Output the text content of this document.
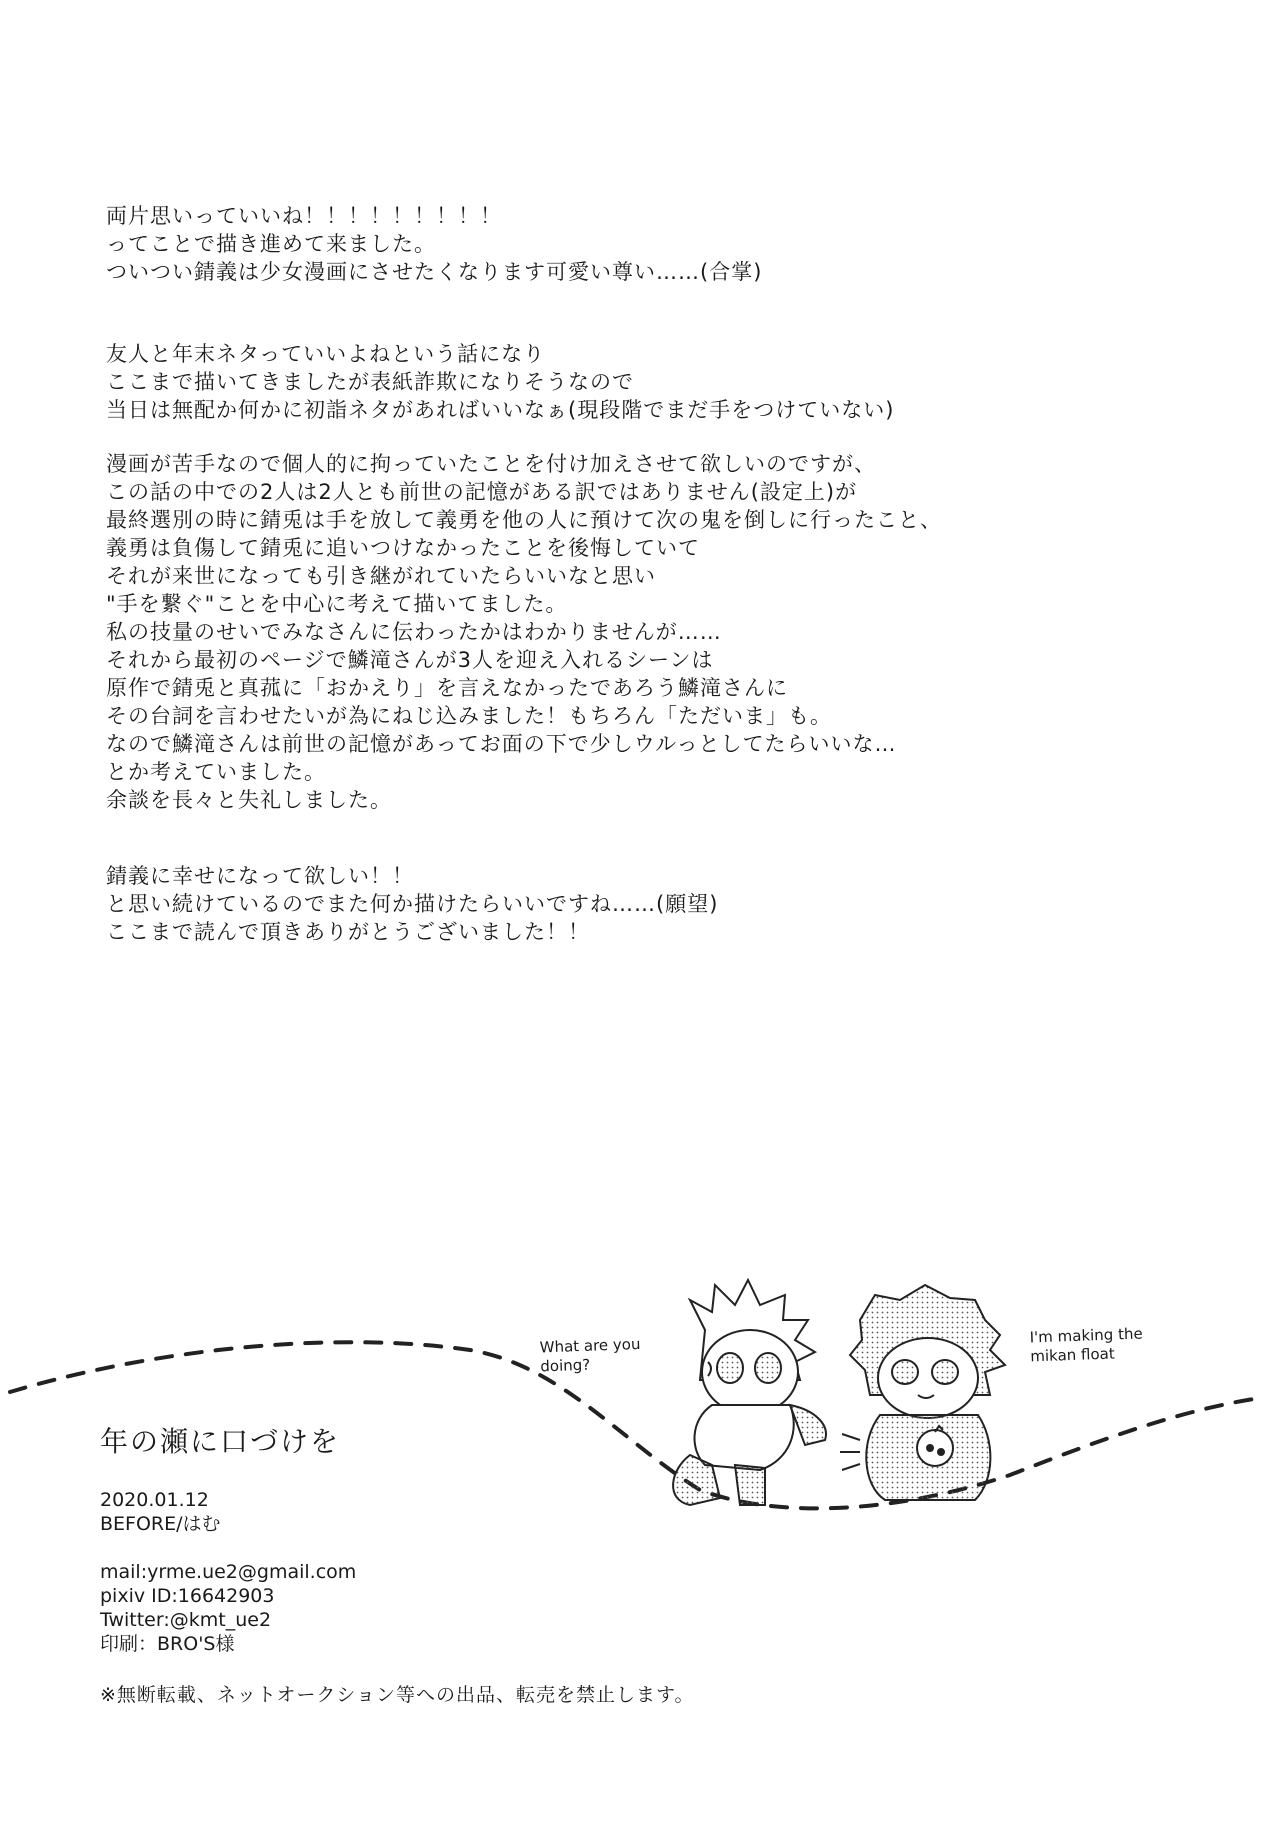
両片思いっていいね！！！！！！！！！
ってことで描き進めて来ました。
ついつい錆義は少女漫画にさせたくなります可愛い尊い……(合掌)
友人と年末ネタっていいよねという話になり
ここまで描いてきましたが表紙詐欺になりそうなので
当日は無配か何かに初詣ネタがあればいいなぁ(現段階でまだ手をつけていない)
漫画が苦手なので個人的に拘っていたことを付け加えさせて欲しいのですが、
この話の中での2人は2人とも前世の記憶がある訳ではありません(設定上)が
最終選別の時に錆兎は手を放して義勇を他の人に預けて次の鬼を倒しに行ったこと、
義勇は負傷して錆兎に追いつけなかったことを後悔していて
それが来世になっても引き継がれていたらいいなと思い
"手を繋ぐ"ことを中心に考えて描いてました。
私の技量のせいでみなさんに伝わったかはわかりませんが……
それから最初のページで鱗滝さんが3人を迎え入れるシーンは
原作で錆兎と真菰に「おかえり」を言えなかったであろう鱗滝さんに
その台詞を言わせたいが為にねじ込みました！もちろん「ただいま」も。
なので鱗滝さんは前世の記憶があってお面の下で少しウルっとしてたらいいな…
とか考えていました。
余談を長々と失礼しました。
錆義に幸せになって欲しい！！
と思い続けているのでまた何か描けたらいいですね……(願望)
ここまで読んで頂きありがとうございました！！
What are you
doing?
I'm making the
mikan float
年の瀬に口づけを
2020.01.12
BEFORE/はむ
mail:yrme.ue2@gmail.com
pixiv ID:16642903
Twitter:@kmt_ue2
印刷：BRO'S様
※無断転載、ネットオークション等への出品、転売を禁止します。
